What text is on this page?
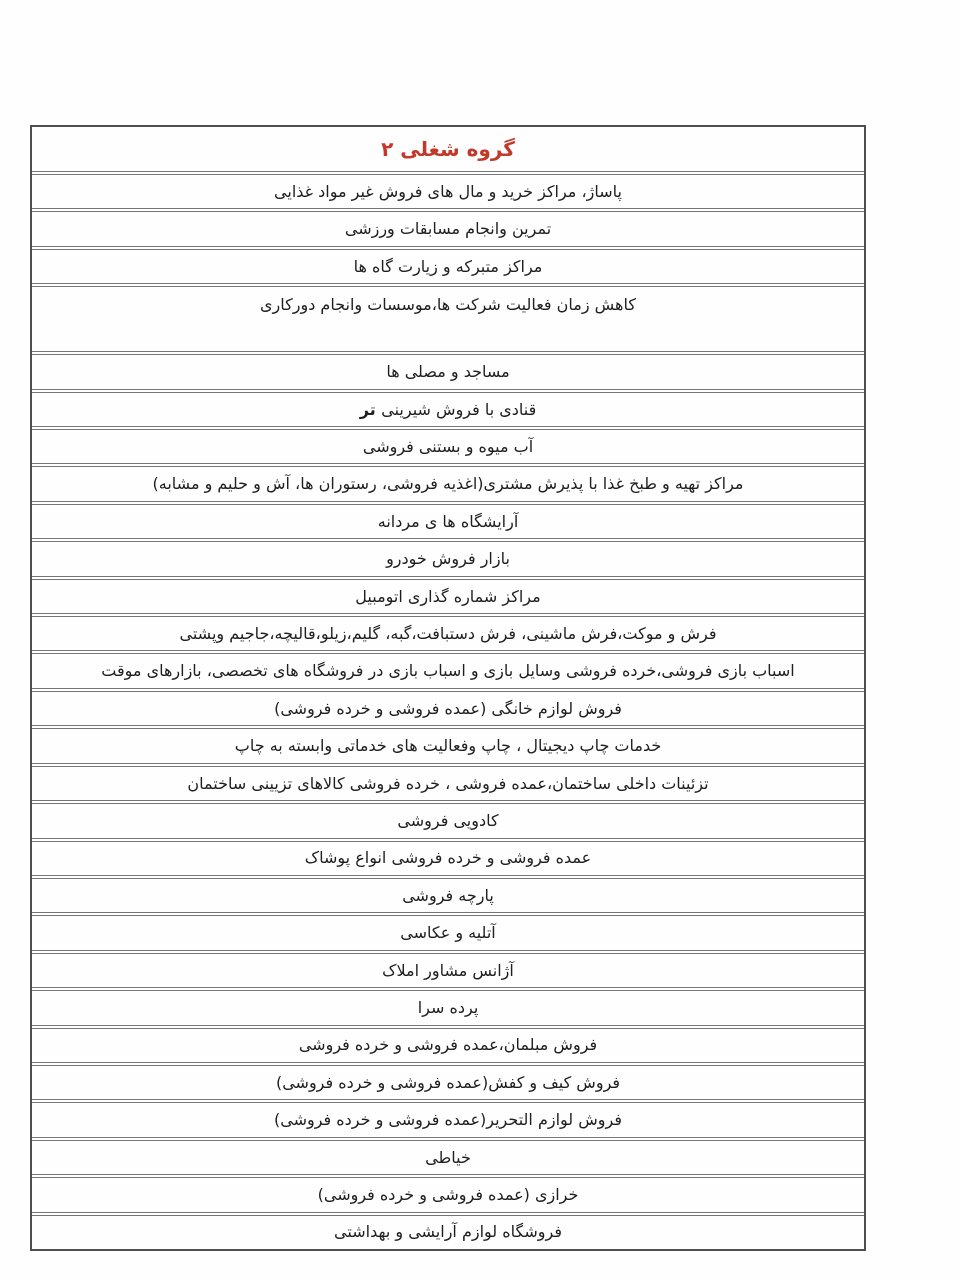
گروه شغلی ۲
پاساژ، مراکز خرید و مال های فروش غیر مواد غذایی
تمرین وانجام مسابقات ورزشی
مراکز متبرکه و زیارت گاه ها
کاهش زمان فعالیت شرکت ها،موسسات وانجام دورکاری
مساجد و مصلی ها
قنادی با فروش شیرینی تر
آب میوه و بستنی فروشی
مراکز تهیه و طبخ غذا با پذیرش مشتری(اغذیه فروشی، رستوران ها، آش و حلیم و مشابه)
آرایشگاه ها ی مردانه
بازار فروش خودرو
مراکز شماره گذاری اتومبیل
فرش و موکت،فرش ماشینی، فرش دستبافت،گبه، گلیم،زیلو،قالیچه،جاجیم وپشتی
اسباب بازی فروشی،خرده فروشی وسایل بازی و اسباب بازی در فروشگاه های تخصصی، بازارهای موقت
فروش لوازم خانگی (عمده فروشی و خرده فروشی)
خدمات چاپ دیجیتال ، چاپ وفعالیت های خدماتی وابسته به چاپ
تزئینات داخلی ساختمان،عمده فروشی ، خرده فروشی کالاهای تزیینی ساختمان
کادویی فروشی
عمده فروشی و خرده فروشی انواع پوشاک
پارچه فروشی
آتلیه و عکاسی
آژانس مشاور املاک
پرده سرا
فروش مبلمان،عمده فروشی و خرده فروشی
فروش کیف و کفش(عمده فروشی و خرده فروشی)
فروش لوازم التحریر(عمده فروشی و خرده فروشی)
خیاطی
خرازی (عمده فروشی و خرده فروشی)
فروشگاه لوازم آرایشی و بهداشتی
